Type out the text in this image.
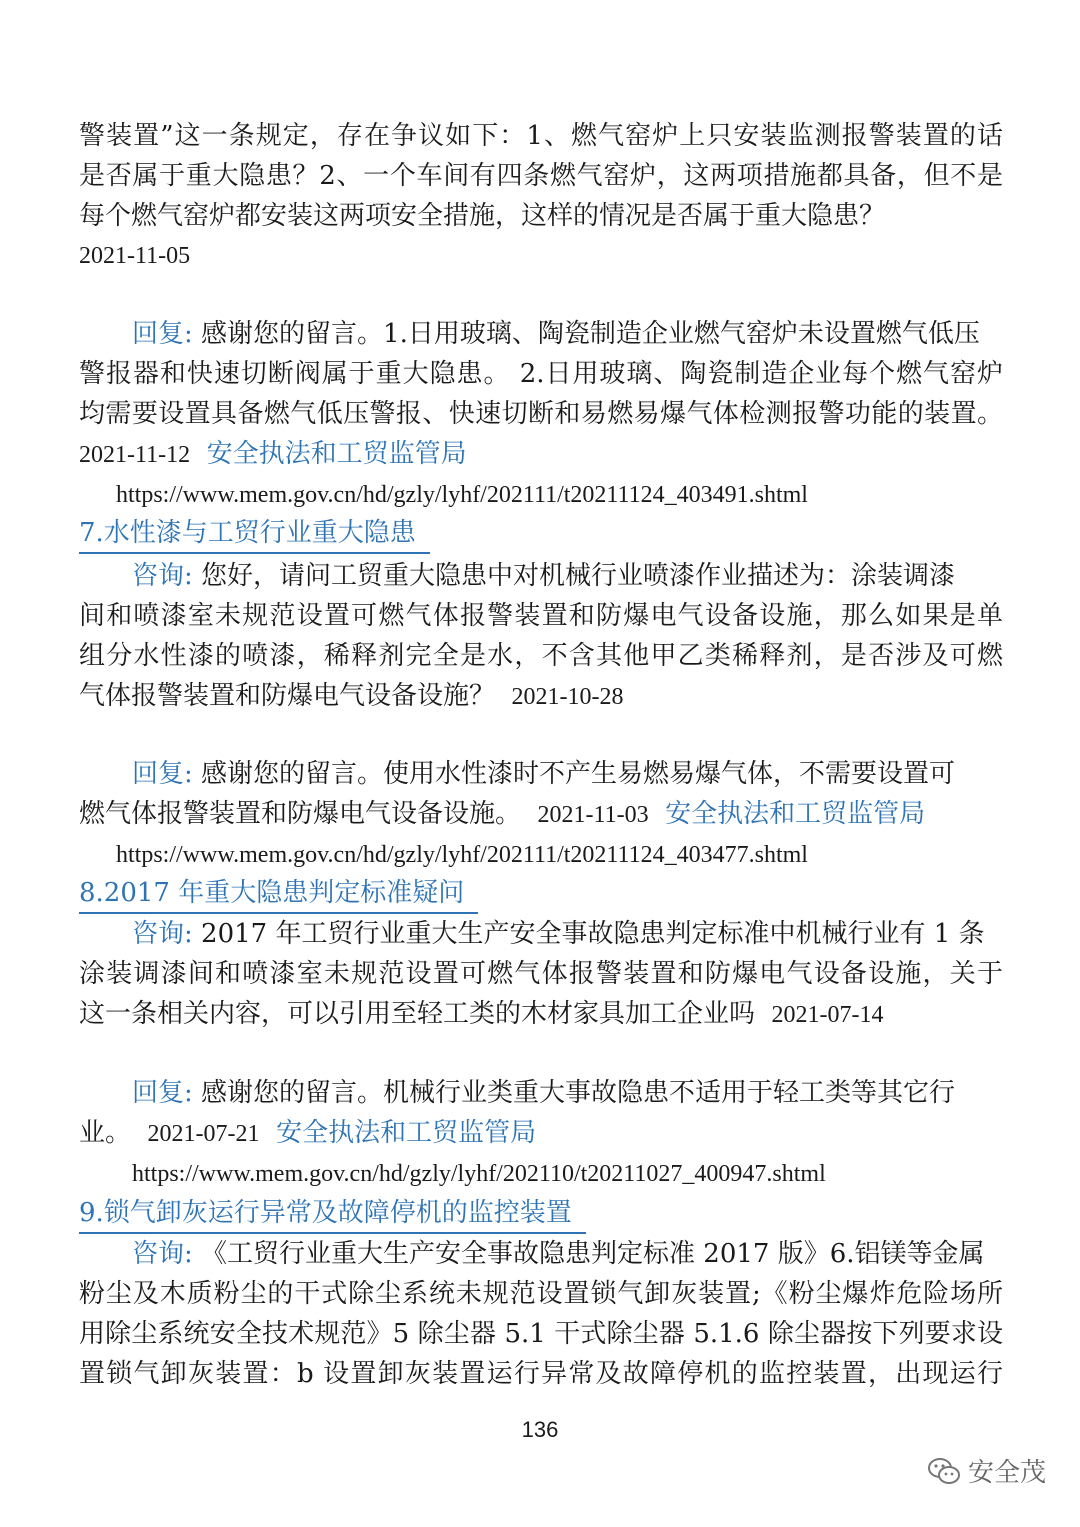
警装置”这一条规定，存在争议如下：1、燃气窑炉上只安装监测报警装置的话
是否属于重大隐患？2、一个车间有四条燃气窑炉，这两项措施都具备，但不是
每个燃气窑炉都安装这两项安全措施，这样的情况是否属于重大隐患？
2021-11-05
回复: 感谢您的留言。1.日用玻璃、陶瓷制造企业燃气窑炉未设置燃气低压
警报器和快速切断阀属于重大隐患。 2.日用玻璃、陶瓷制造企业每个燃气窑炉
均需要设置具备燃气低压警报、快速切断和易燃易爆气体检测报警功能的装置。
2021-11-12 安全执法和工贸监管局
https://www.mem.gov.cn/hd/gzly/lyhf/202111/t20211124_403491.shtml
7.水性漆与工贸行业重大隐患
咨询: 您好，请问工贸重大隐患中对机械行业喷漆作业描述为：涂装调漆
间和喷漆室未规范设置可燃气体报警装置和防爆电气设备设施，那么如果是单
组分水性漆的喷漆，稀释剂完全是水，不含其他甲乙类稀释剂，是否涉及可燃
气体报警装置和防爆电气设备设施？ 2021-10-28
回复: 感谢您的留言。使用水性漆时不产生易燃易爆气体，不需要设置可
燃气体报警装置和防爆电气设备设施。 2021-11-03 安全执法和工贸监管局
https://www.mem.gov.cn/hd/gzly/lyhf/202111/t20211124_403477.shtml
8.2017 年重大隐患判定标准疑问
咨询: 2017 年工贸行业重大生产安全事故隐患判定标准中机械行业有 1 条
涂装调漆间和喷漆室未规范设置可燃气体报警装置和防爆电气设备设施，关于
这一条相关内容，可以引用至轻工类的木材家具加工企业吗 2021-07-14
回复: 感谢您的留言。机械行业类重大事故隐患不适用于轻工类等其它行
业。 2021-07-21 安全执法和工贸监管局
https://www.mem.gov.cn/hd/gzly/lyhf/202110/t20211027_400947.shtml
9.锁气卸灰运行异常及故障停机的监控装置
咨询: 《工贸行业重大生产安全事故隐患判定标准 2017 版》6.铝镁等金属
粉尘及木质粉尘的干式除尘系统未规范设置锁气卸灰装置;《粉尘爆炸危险场所
用除尘系统安全技术规范》5 除尘器 5.1 干式除尘器 5.1.6 除尘器按下列要求设
置锁气卸灰装置：b 设置卸灰装置运行异常及故障停机的监控装置，出现运行
136
安全茂
